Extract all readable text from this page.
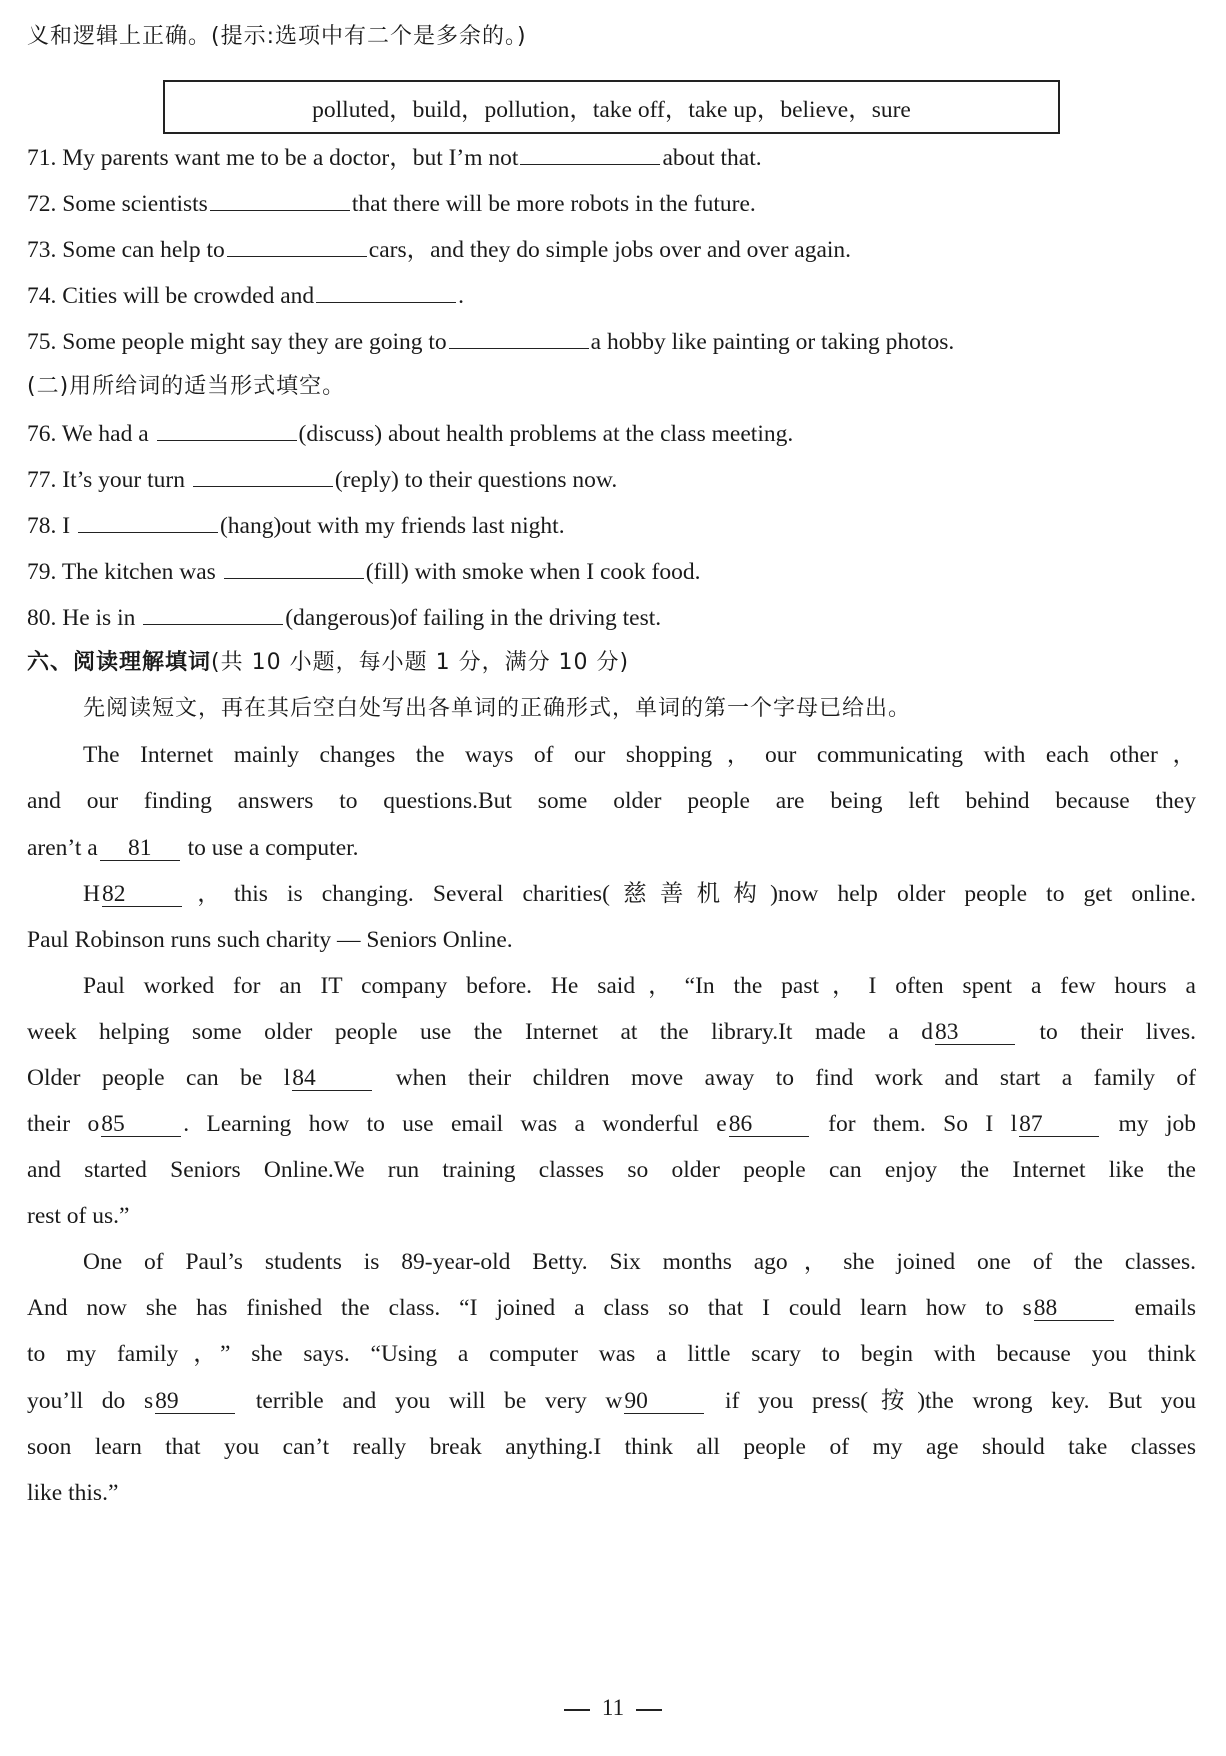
义和逻辑上正确。(提示:选项中有二个是多余的。)
polluted，build，pollution，take off，take up，believe，sure
71. My parents want me to be a doctor，but I’m not	about that.
72. Some scientists	that there will be more robots in the future.
73. Some can help to	cars，and they do simple jobs over and over again.
74. Cities will be crowded and	.
75. Some people might say they are going to	a hobby like painting or taking photos.
(二)用所给词的适当形式填空。
76. We had a	(discuss) about health problems at the class meeting.
77. It’s your turn	(reply) to their questions now.
78. I	(hang)out with my friends last night.
79. The kitchen was	(fill) with smoke when I cook food.
80. He is in	(dangerous)of failing in the driving test.
六、阅读理解填词(共 10 小题，每小题 1 分，满分 10 分)
先阅读短文，再在其后空白处写出各单词的正确形式，单词的第一个字母已给出。
The Internet mainly changes the ways of our shopping，our communicating with each other，
and our finding answers to questions.But some older people are being left behind because they
aren’t a 81 to use a computer.
H82 ，this is changing. Several charities(慈善机构)now help older people to get online.
Paul Robinson runs such charity — Seniors Online.
Paul worked for an IT company before. He said，“In the past，I often spent a few hours a
week helping some older people use the Internet at the library.It made a d83 to their lives.
Older people can be l84 when their children move away to find work and start a family of
their o85 . Learning how to use email was a wonderful e86 for them. So I l87 my job
and started Seniors Online.We run training classes so older people can enjoy the Internet like the
rest of us.”
One of Paul’s students is 89-year-old Betty. Six months ago，she joined one of the classes.
And now she has finished the class. “I joined a class so that I could learn how to s88 emails
to my family，” she says. “Using a computer was a little scary to begin with because you think
you’ll do s89 terrible and you will be very w90 if you press(按)the wrong key. But you
soon learn that you can’t really break anything.I think all people of my age should take classes
like this.”
11
